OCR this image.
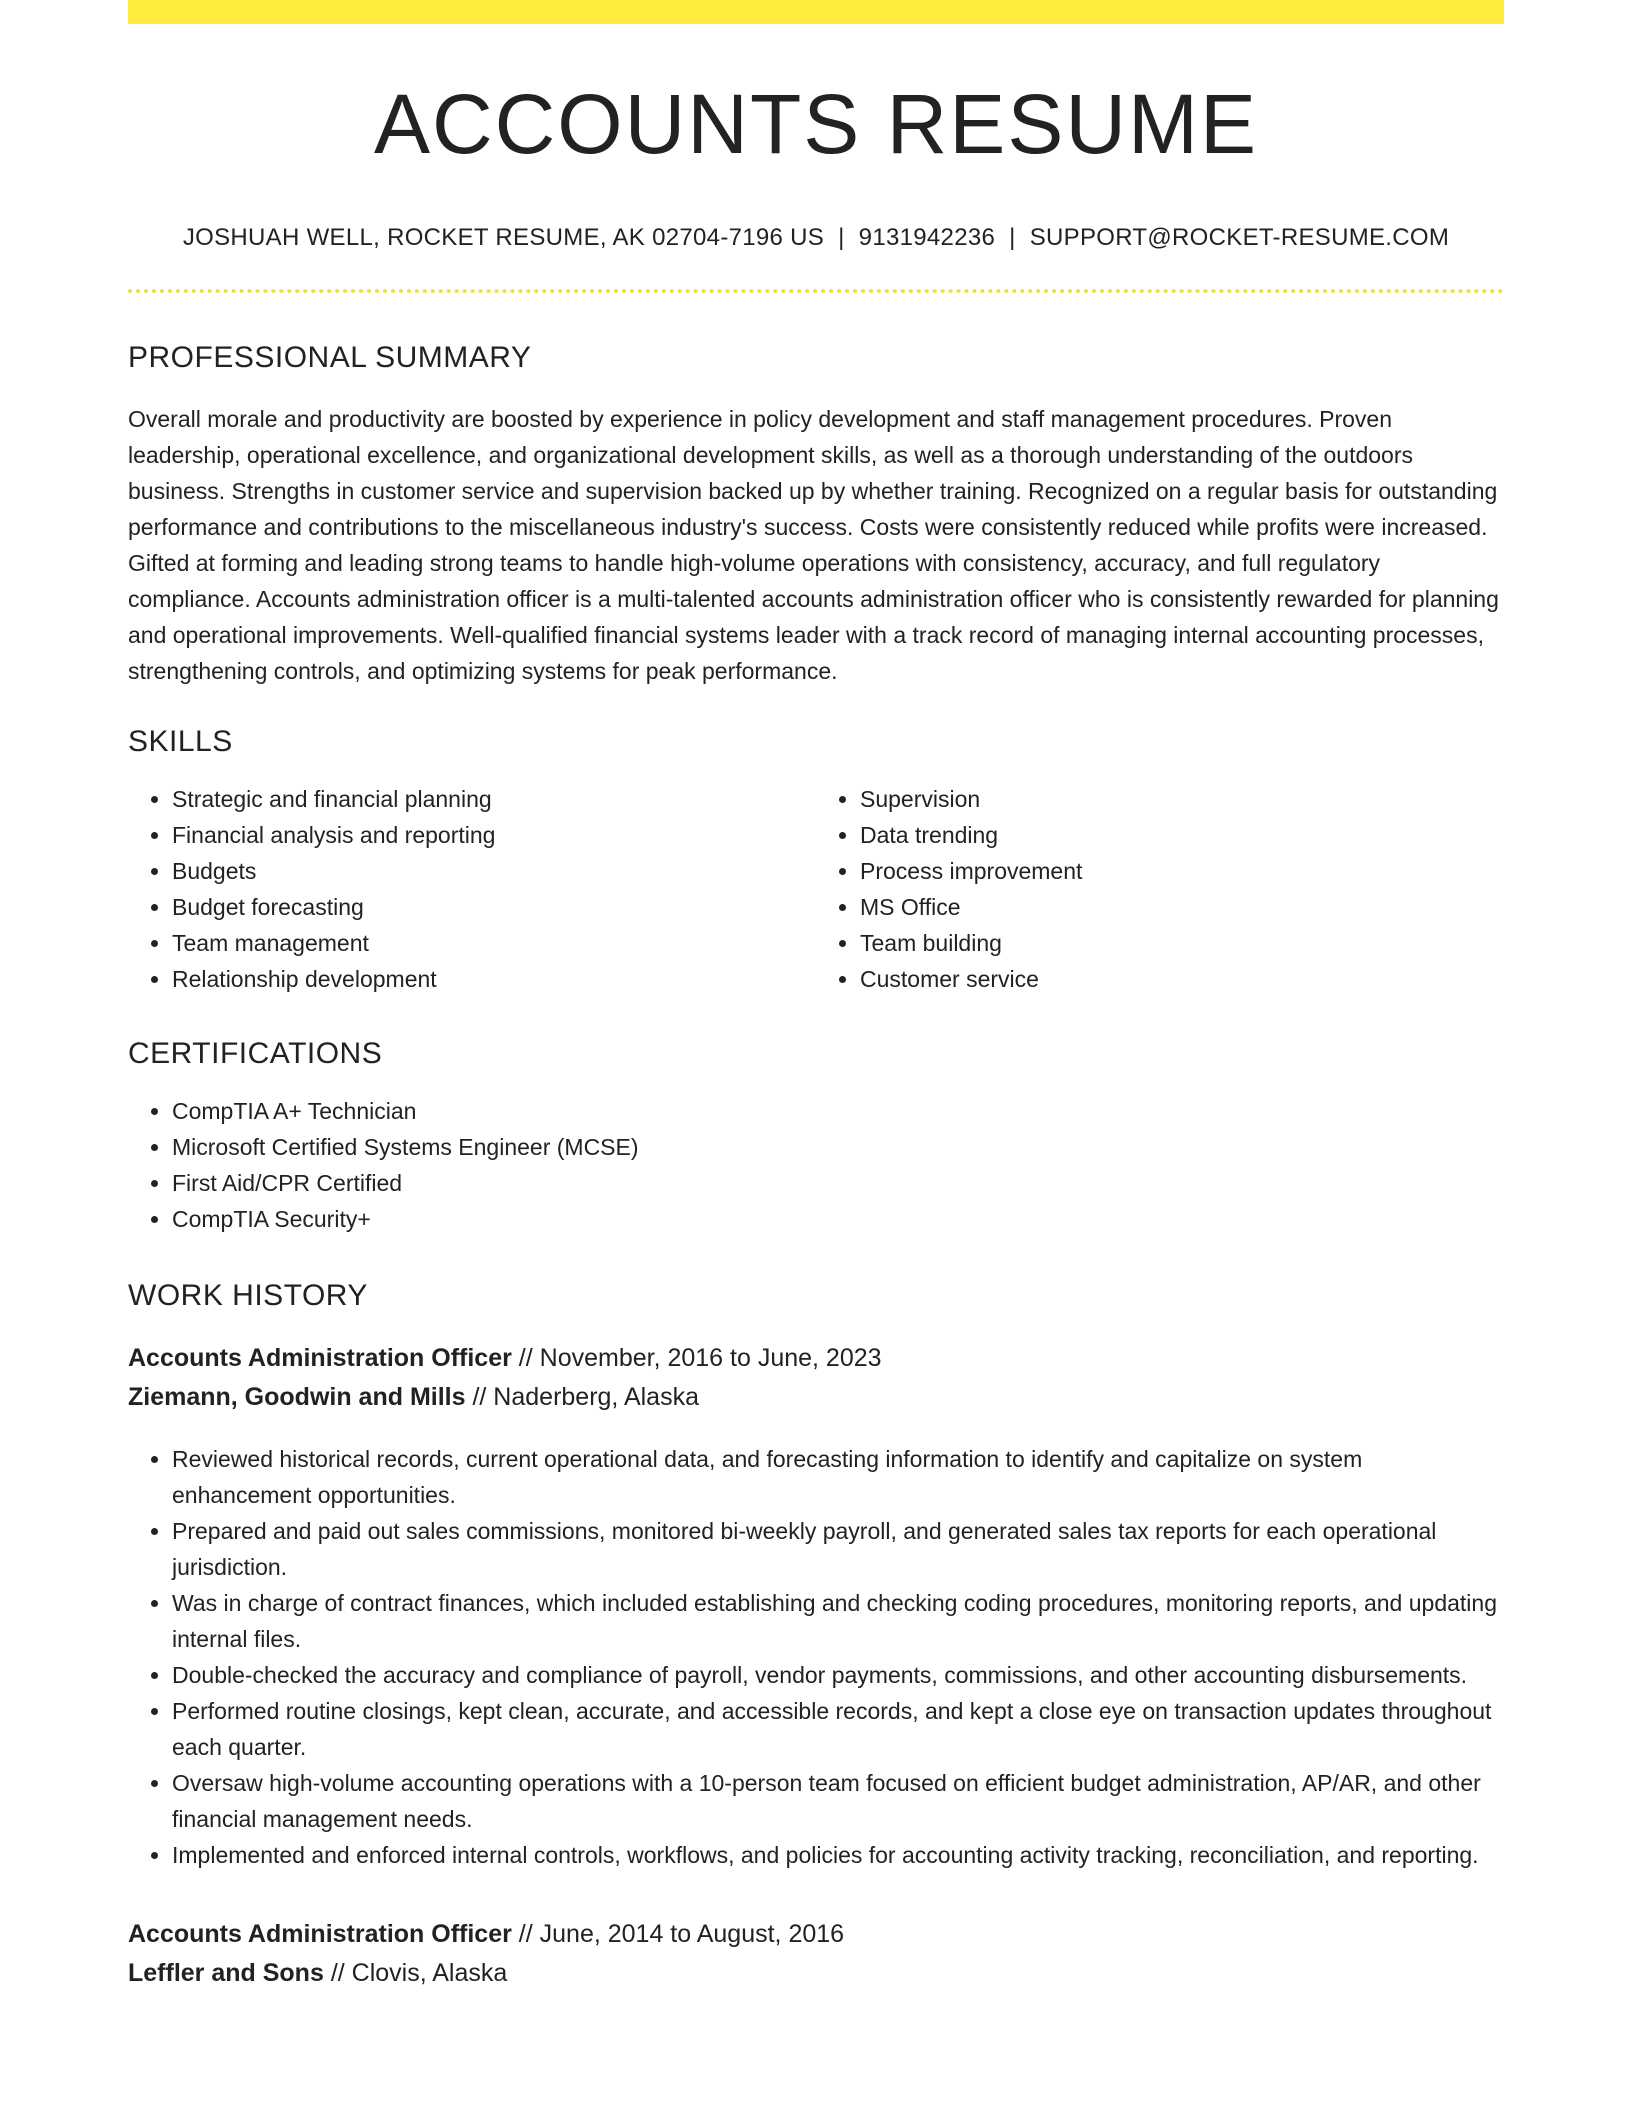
ACCOUNTS RESUME
JOSHUAH WELL, ROCKET RESUME, AK 02704-7196 US | 9131942236 | SUPPORT@ROCKET-RESUME.COM
PROFESSIONAL SUMMARY

Overall morale and productivity are boosted by experience in policy development and staff management procedures. Proven leadership, operational excellence, and organizational development skills, as well as a thorough understanding of the outdoors business. Strengths in customer service and supervision backed up by whether training. Recognized on a regular basis for outstanding performance and contributions to the miscellaneous industry's success. Costs were consistently reduced while profits were increased. Gifted at forming and leading strong teams to handle high-volume operations with consistency, accuracy, and full regulatory compliance. Accounts administration officer is a multi-talented accounts administration officer who is consistently rewarded for planning and operational improvements. Well-qualified financial systems leader with a track record of managing internal accounting processes, strengthening controls, and optimizing systems for peak performance.

SKILLS
• Strategic and financial planning
• Financial analysis and reporting
• Budgets
• Budget forecasting
• Team management
• Relationship development
• Supervision
• Data trending
• Process improvement
• MS Office
• Team building
• Customer service
CERTIFICATIONS
• CompTIA A+ Technician
• Microsoft Certified Systems Engineer (MCSE)
• First Aid/CPR Certified
• CompTIA Security+
WORK HISTORY
Accounts Administration Officer // November, 2016 to June, 2023
Ziemann, Goodwin and Mills // Naderberg, Alaska
• Reviewed historical records, current operational data, and forecasting information to identify and capitalize on system enhancement opportunities.
• Prepared and paid out sales commissions, monitored bi-weekly payroll, and generated sales tax reports for each operational jurisdiction.
• Was in charge of contract finances, which included establishing and checking coding procedures, monitoring reports, and updating internal files.
• Double-checked the accuracy and compliance of payroll, vendor payments, commissions, and other accounting disbursements.
• Performed routine closings, kept clean, accurate, and accessible records, and kept a close eye on transaction updates throughout each quarter.
• Oversaw high-volume accounting operations with a 10-person team focused on efficient budget administration, AP/AR, and other financial management needs.
• Implemented and enforced internal controls, workflows, and policies for accounting activity tracking, reconciliation, and reporting.
Accounts Administration Officer // June, 2014 to August, 2016
Leffler and Sons // Clovis, Alaska
